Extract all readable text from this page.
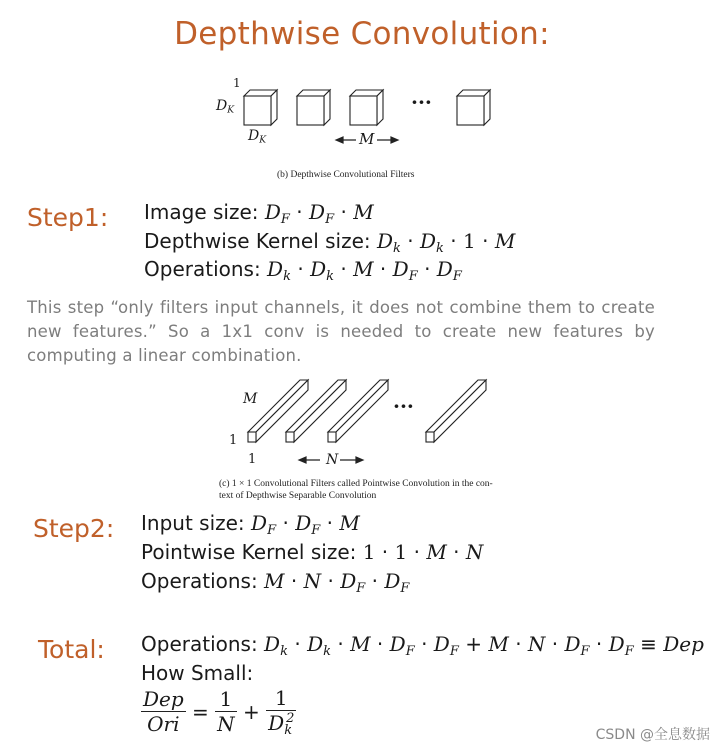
Depthwise Convolution:
1
$D_K$
$D_K$	M
···
(b) Depthwise Convolutional Filters
Step1: Image size: $D_F \cdot D_F \cdot M$
Depthwise Kernel size: $D_k \cdot D_k \cdot 1 \cdot M$
Operations: $D_k \cdot D_k \cdot M \cdot D_F \cdot D_F$
This step “only filters input channels, it does not combine them to create new features.” So a 1x1 conv is needed to create new features by computing a linear combination.
M
1
1	N
···
(c) 1 × 1 Convolutional Filters called Pointwise Convolution in the con-
text of Depthwise Separable Convolution
Step2: Input size: $D_F \cdot D_F \cdot M$
Pointwise Kernel size: 1 · 1 · M · N
Operations: $M \cdot N \cdot D_F \cdot D_F$
Total: Operations: $D_k \cdot D_k \cdot M \cdot D_F \cdot D_F + M \cdot N \cdot D_F \cdot D_F$ ≡ Dep
How Small:
$\frac{\text{Dep}}{\text{Ori}} = \frac{1}{N} + \frac{1}{D_k^2}$	CSDN @全息数据
